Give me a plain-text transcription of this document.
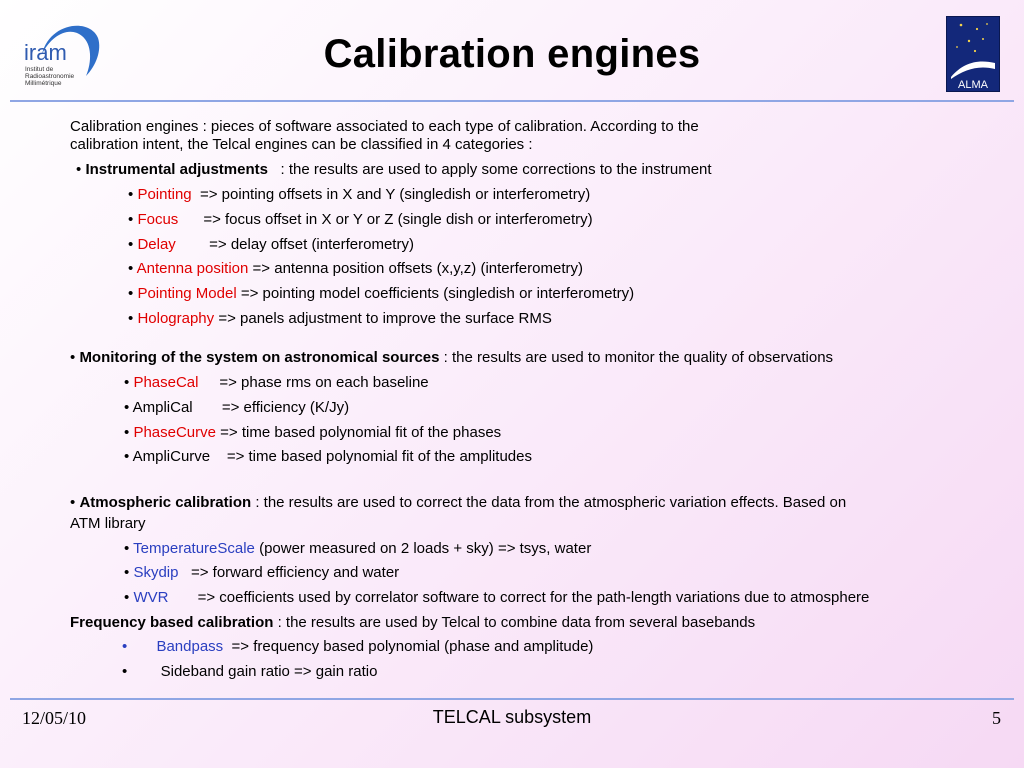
iram
Institut de
Radioastronomie
Millimétrique	ALMA
Calibration engines
Calibration engines : pieces of software associated to each type of calibration. According to the
calibration intent, the Telcal engines can be classified in 4 categories :
• Instrumental adjustments : the results are used to apply some corrections to the instrument
• Pointing => pointing offsets in X and Y (singledish or interferometry)
• Focus => focus offset in X or Y or Z (single dish or interferometry)
• Delay => delay offset (interferometry)
• Antenna position => antenna position offsets (x,y,z) (interferometry)
• Pointing Model => pointing model coefficients (singledish or interferometry)
• Holography => panels adjustment to improve the surface RMS
• Monitoring of the system on astronomical sources : the results are used to monitor the quality of observations
• PhaseCal => phase rms on each baseline
• AmpliCal => efficiency (K/Jy)
• PhaseCurve => time based polynomial fit of the phases
• AmpliCurve => time based polynomial fit of the amplitudes
• Atmospheric calibration : the results are used to correct the data from the atmospheric variation effects. Based on
ATM library
• TemperatureScale (power measured on 2 loads + sky) => tsys, water
• Skydip => forward efficiency and water
• WVR => coefficients used by correlator software to correct for the path-length variations due to atmosphere
Frequency based calibration : the results are used by Telcal to combine data from several basebands
• Bandpass => frequency based polynomial (phase and amplitude)
• Sideband gain ratio => gain ratio
12/05/10	TELCAL subsystem	5
